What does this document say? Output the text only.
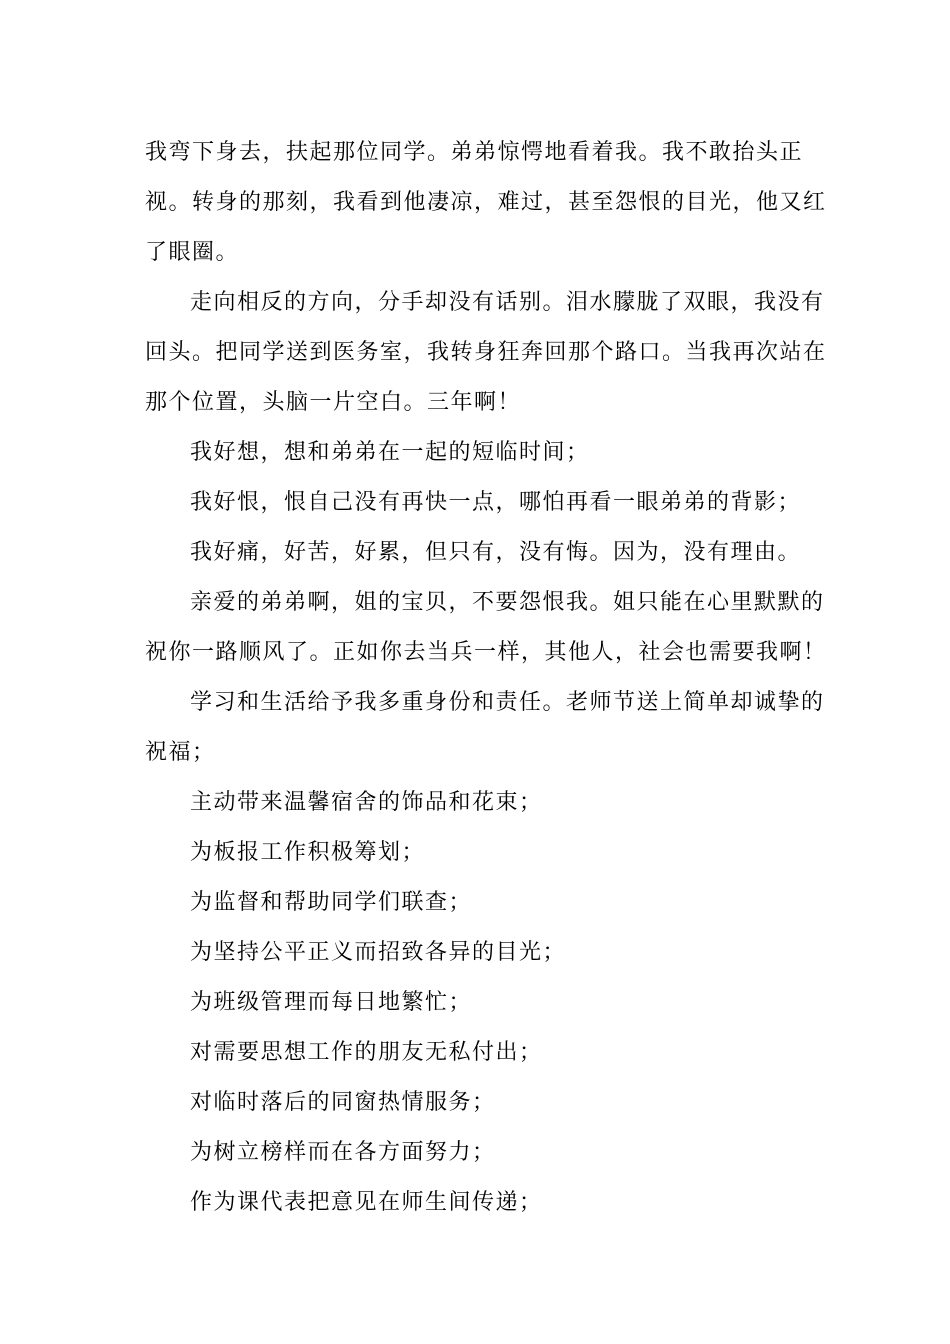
我弯下身去，扶起那位同学。弟弟惊愕地看着我。我不敢抬头正视。转身的那刻，我看到他凄凉，难过，甚至怨恨的目光，他又红了眼圈。

走向相反的方向，分手却没有话别。泪水朦胧了双眼，我没有回头。把同学送到医务室，我转身狂奔回那个路口。当我再次站在那个位置，头脑一片空白。三年啊！

我好想，想和弟弟在一起的短临时间；

我好恨，恨自己没有再快一点，哪怕再看一眼弟弟的背影；

我好痛，好苦，好累，但只有，没有悔。因为，没有理由。

亲爱的弟弟啊，姐的宝贝，不要怨恨我。姐只能在心里默默的祝你一路顺风了。正如你去当兵一样，其他人，社会也需要我啊！

学习和生活给予我多重身份和责任。老师节送上简单却诚挚的祝福；

主动带来温馨宿舍的饰品和花束；

为板报工作积极筹划；

为监督和帮助同学们联查；

为坚持公平正义而招致各异的目光；

为班级管理而每日地繁忙；

对需要思想工作的朋友无私付出；

对临时落后的同窗热情服务；

为树立榜样而在各方面努力；

作为课代表把意见在师生间传递；
